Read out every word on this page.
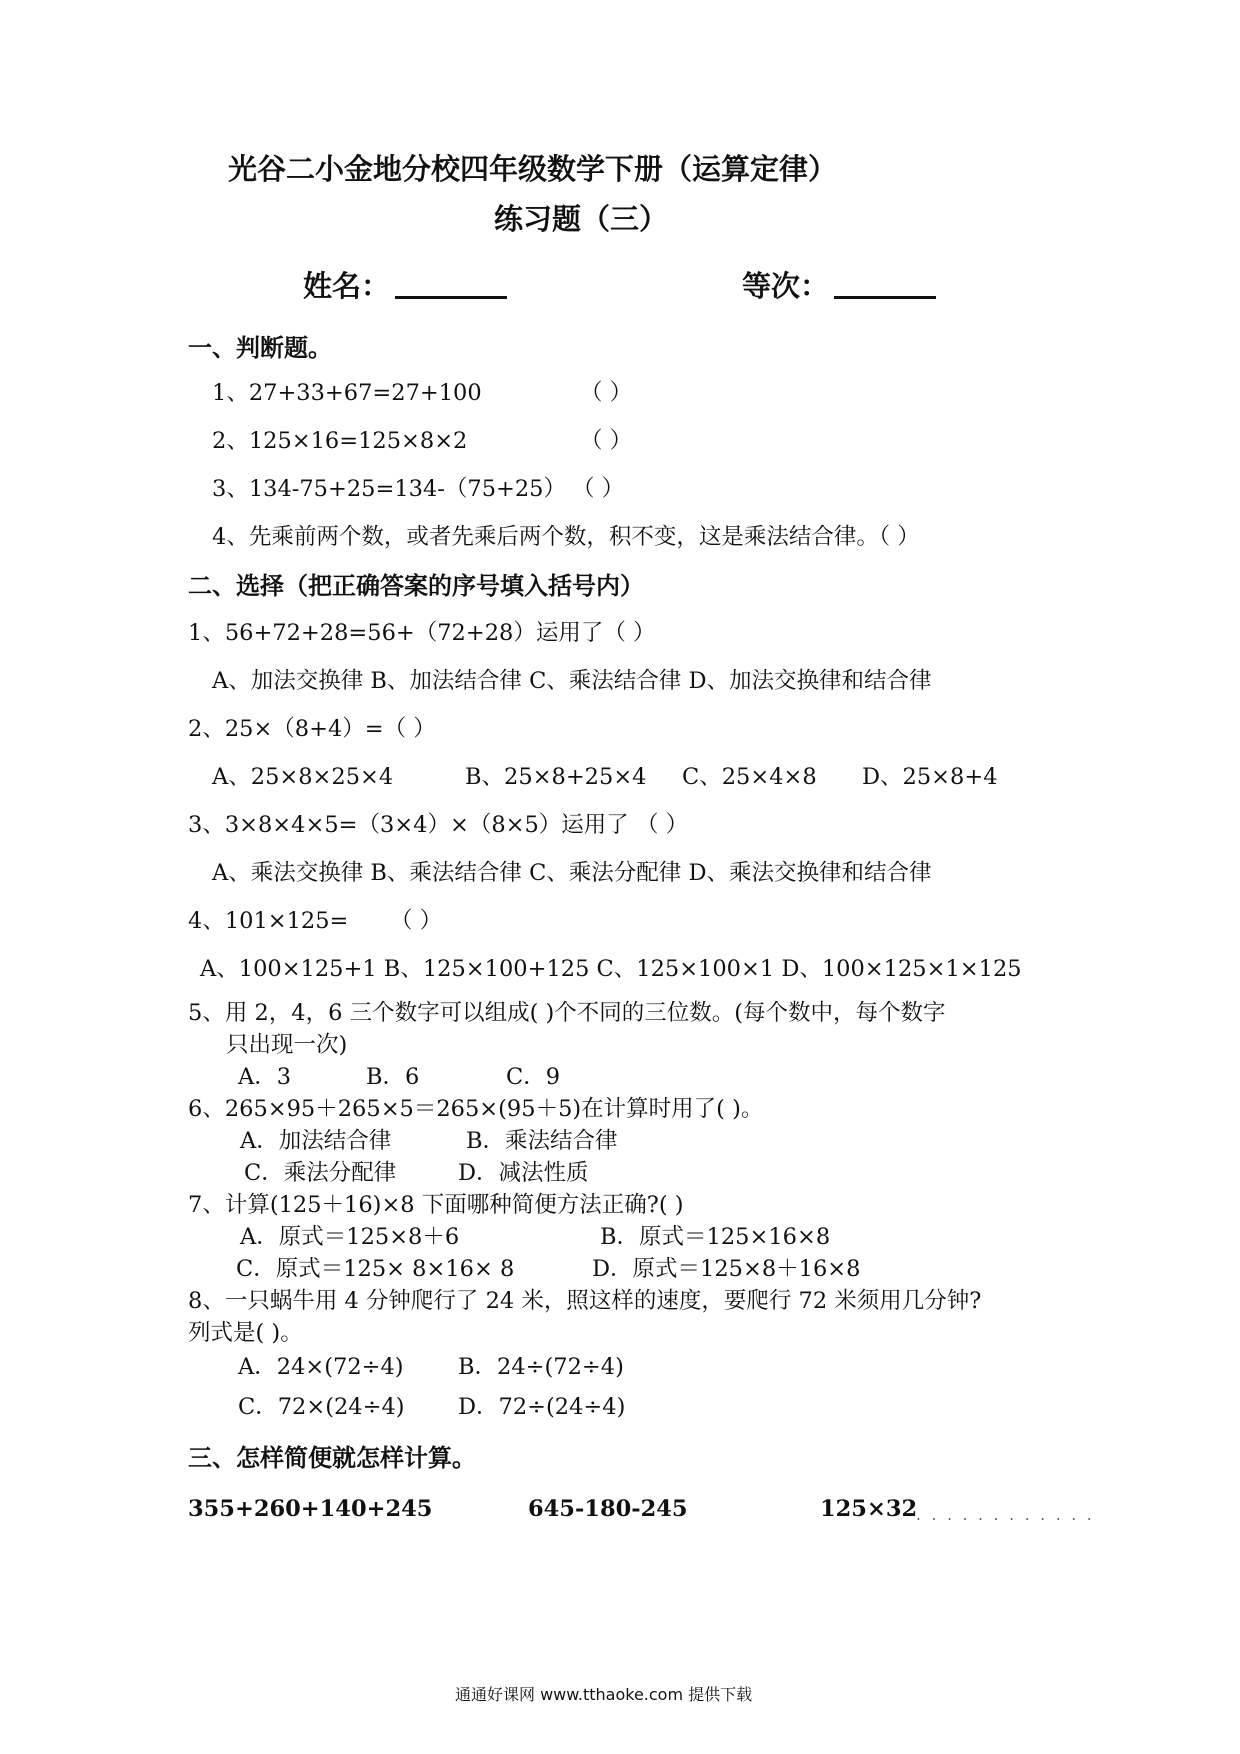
光谷二小金地分校四年级数学下册（运算定律）
练习题（三）
姓名：	等次：
一、判断题。
1、27+33+67=27+100	（ ）
2、125×16=125×8×2	（ ）
3、134-75+25=134-（75+25） （ ）
4、先乘前两个数，或者先乘后两个数，积不变，这是乘法结合律。（ ）
二、选择（把正确答案的序号填入括号内）
1、56+72+28=56+（72+28）运用了（ ）
A、加法交换律 B、加法结合律 C、乘法结合律 D、加法交换律和结合律
2、25×（8+4）=（ ）
A、25×8×25×4	B、25×8+25×4 C、25×4×8 D、25×8+4
3、3×8×4×5=（3×4）×（8×5）运用了 （ ）
A、乘法交换律 B、乘法结合律 C、乘法分配律 D、乘法交换律和结合律
4、101×125= （ ）
A、100×125+1 B、125×100+125 C、125×100×1 D、100×125×1×125
5、用 2，4，6 三个数字可以组成( )个不同的三位数。(每个数中，每个数字
只出现一次)
A．3	B．6	C．9
6、265×95＋265×5＝265×(95＋5)在计算时用了( )。
A．加法结合律	B．乘法结合律
C．乘法分配律	D．减法性质
7、计算(125＋16)×8 下面哪种简便方法正确?( )
A．原式＝125×8＋6	B．原式＝125×16×8
C．原式＝125× 8×16× 8	D．原式＝125×8＋16×8
8、一只蜗牛用 4 分钟爬行了 24 米，照这样的速度，要爬行 72 米须用几分钟?
列式是( )。
A．24×(72÷4) B．24÷(72÷4)
C．72×(24÷4) D．72÷(24÷4)
三、怎样简便就怎样计算。
355+260+140+245	645-180-245	125×32
. . . . . . . . . . . .
通通好课网 www.tthaoke.com 提供下载
